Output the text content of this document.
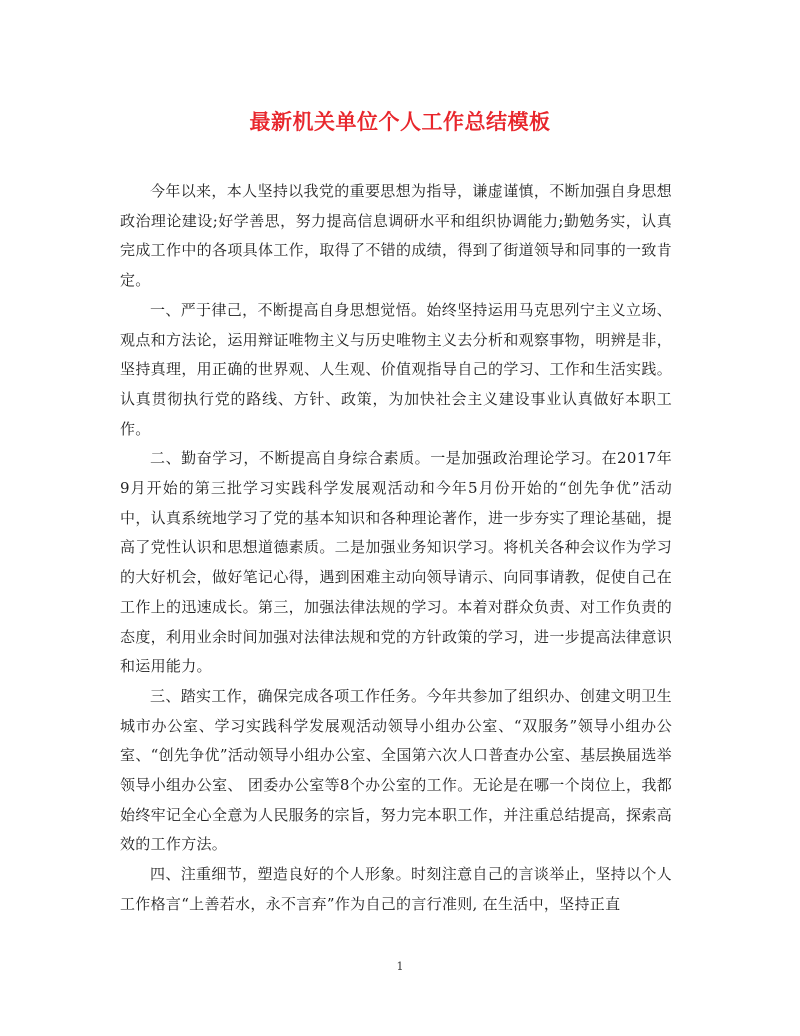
最新机关单位个人工作总结模板

今年以来，本人坚持以我党的重要思想为指导，谦虚谨慎，不断加强自身思想政治理论建设;好学善思，努力提高信息调研水平和组织协调能力;勤勉务实，认真完成工作中的各项具体工作，取得了不错的成绩，得到了街道领导和同事的一致肯定。

一、严于律己，不断提高自身思想觉悟。始终坚持运用马克思列宁主义立场、观点和方法论，运用辩证唯物主义与历史唯物主义去分析和观察事物，明辨是非，坚持真理，用正确的世界观、人生观、价值观指导自己的学习、工作和生活实践。认真贯彻执行党的路线、方针、政策，为加快社会主义建设事业认真做好本职工作。

二、勤奋学习，不断提高自身综合素质。一是加强政治理论学习。在2017年9月开始的第三批学习实践科学发展观活动和今年5月份开始的“创先争优”活动中，认真系统地学习了党的基本知识和各种理论著作，进一步夯实了理论基础，提高了党性认识和思想道德素质。二是加强业务知识学习。将机关各种会议作为学习的大好机会，做好笔记心得，遇到困难主动向领导请示、向同事请教，促使自己在工作上的迅速成长。第三，加强法律法规的学习。本着对群众负责、对工作负责的态度，利用业余时间加强对法律法规和党的方针政策的学习，进一步提高法律意识和运用能力。

三、踏实工作，确保完成各项工作任务。今年共参加了组织办、创建文明卫生城市办公室、学习实践科学发展观活动领导小组办公室、“双服务”领导小组办公室、“创先争优”活动领导小组办公室、全国第六次人口普查办公室、基层换届选举领导小组办公室、 团委办公室等8个办公室的工作。无论是在哪一个岗位上，我都始终牢记全心全意为人民服务的宗旨，努力完本职工作，并注重总结提高，探索高效的工作方法。

四、注重细节，塑造良好的个人形象。时刻注意自己的言谈举止，坚持以个人工作格言“上善若水，永不言弃”作为自己的言行准则, 在生活中，坚持正直

1
